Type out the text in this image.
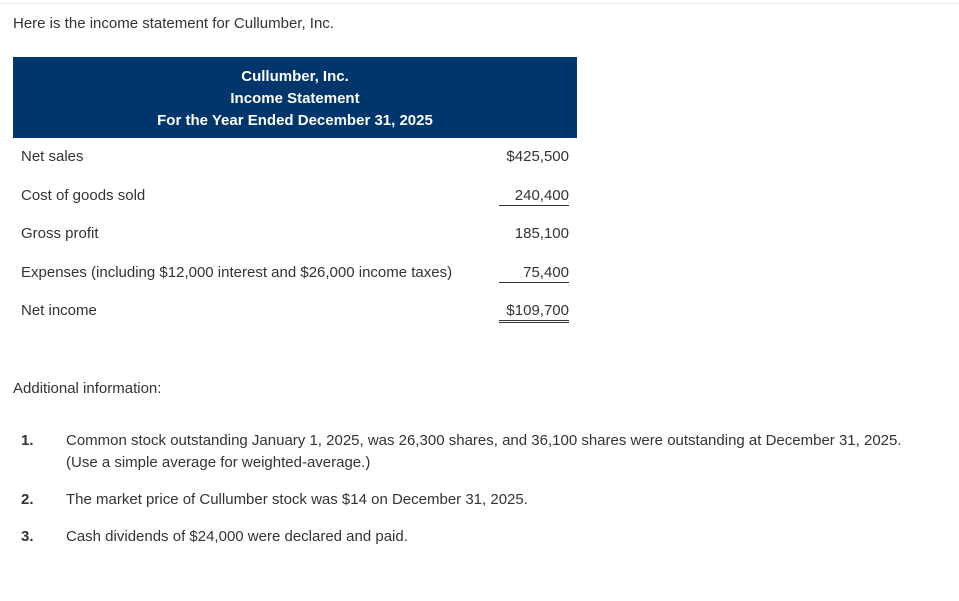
Here is the income statement for Cullumber, Inc.
Cullumber, Inc.
Income Statement
For the Year Ended December 31, 2025
Net sales	$425,500
Cost of goods sold	240,400
Gross profit	185,100
Expenses (including $12,000 interest and $26,000 income taxes)	75,400
Net income	$109,700
Additional information:
1. Common stock outstanding January 1, 2025, was 26,300 shares, and 36,100 shares were outstanding at December 31, 2025.
(Use a simple average for weighted-average.)
2. The market price of Cullumber stock was $14 on December 31, 2025.
3. Cash dividends of $24,000 were declared and paid.
